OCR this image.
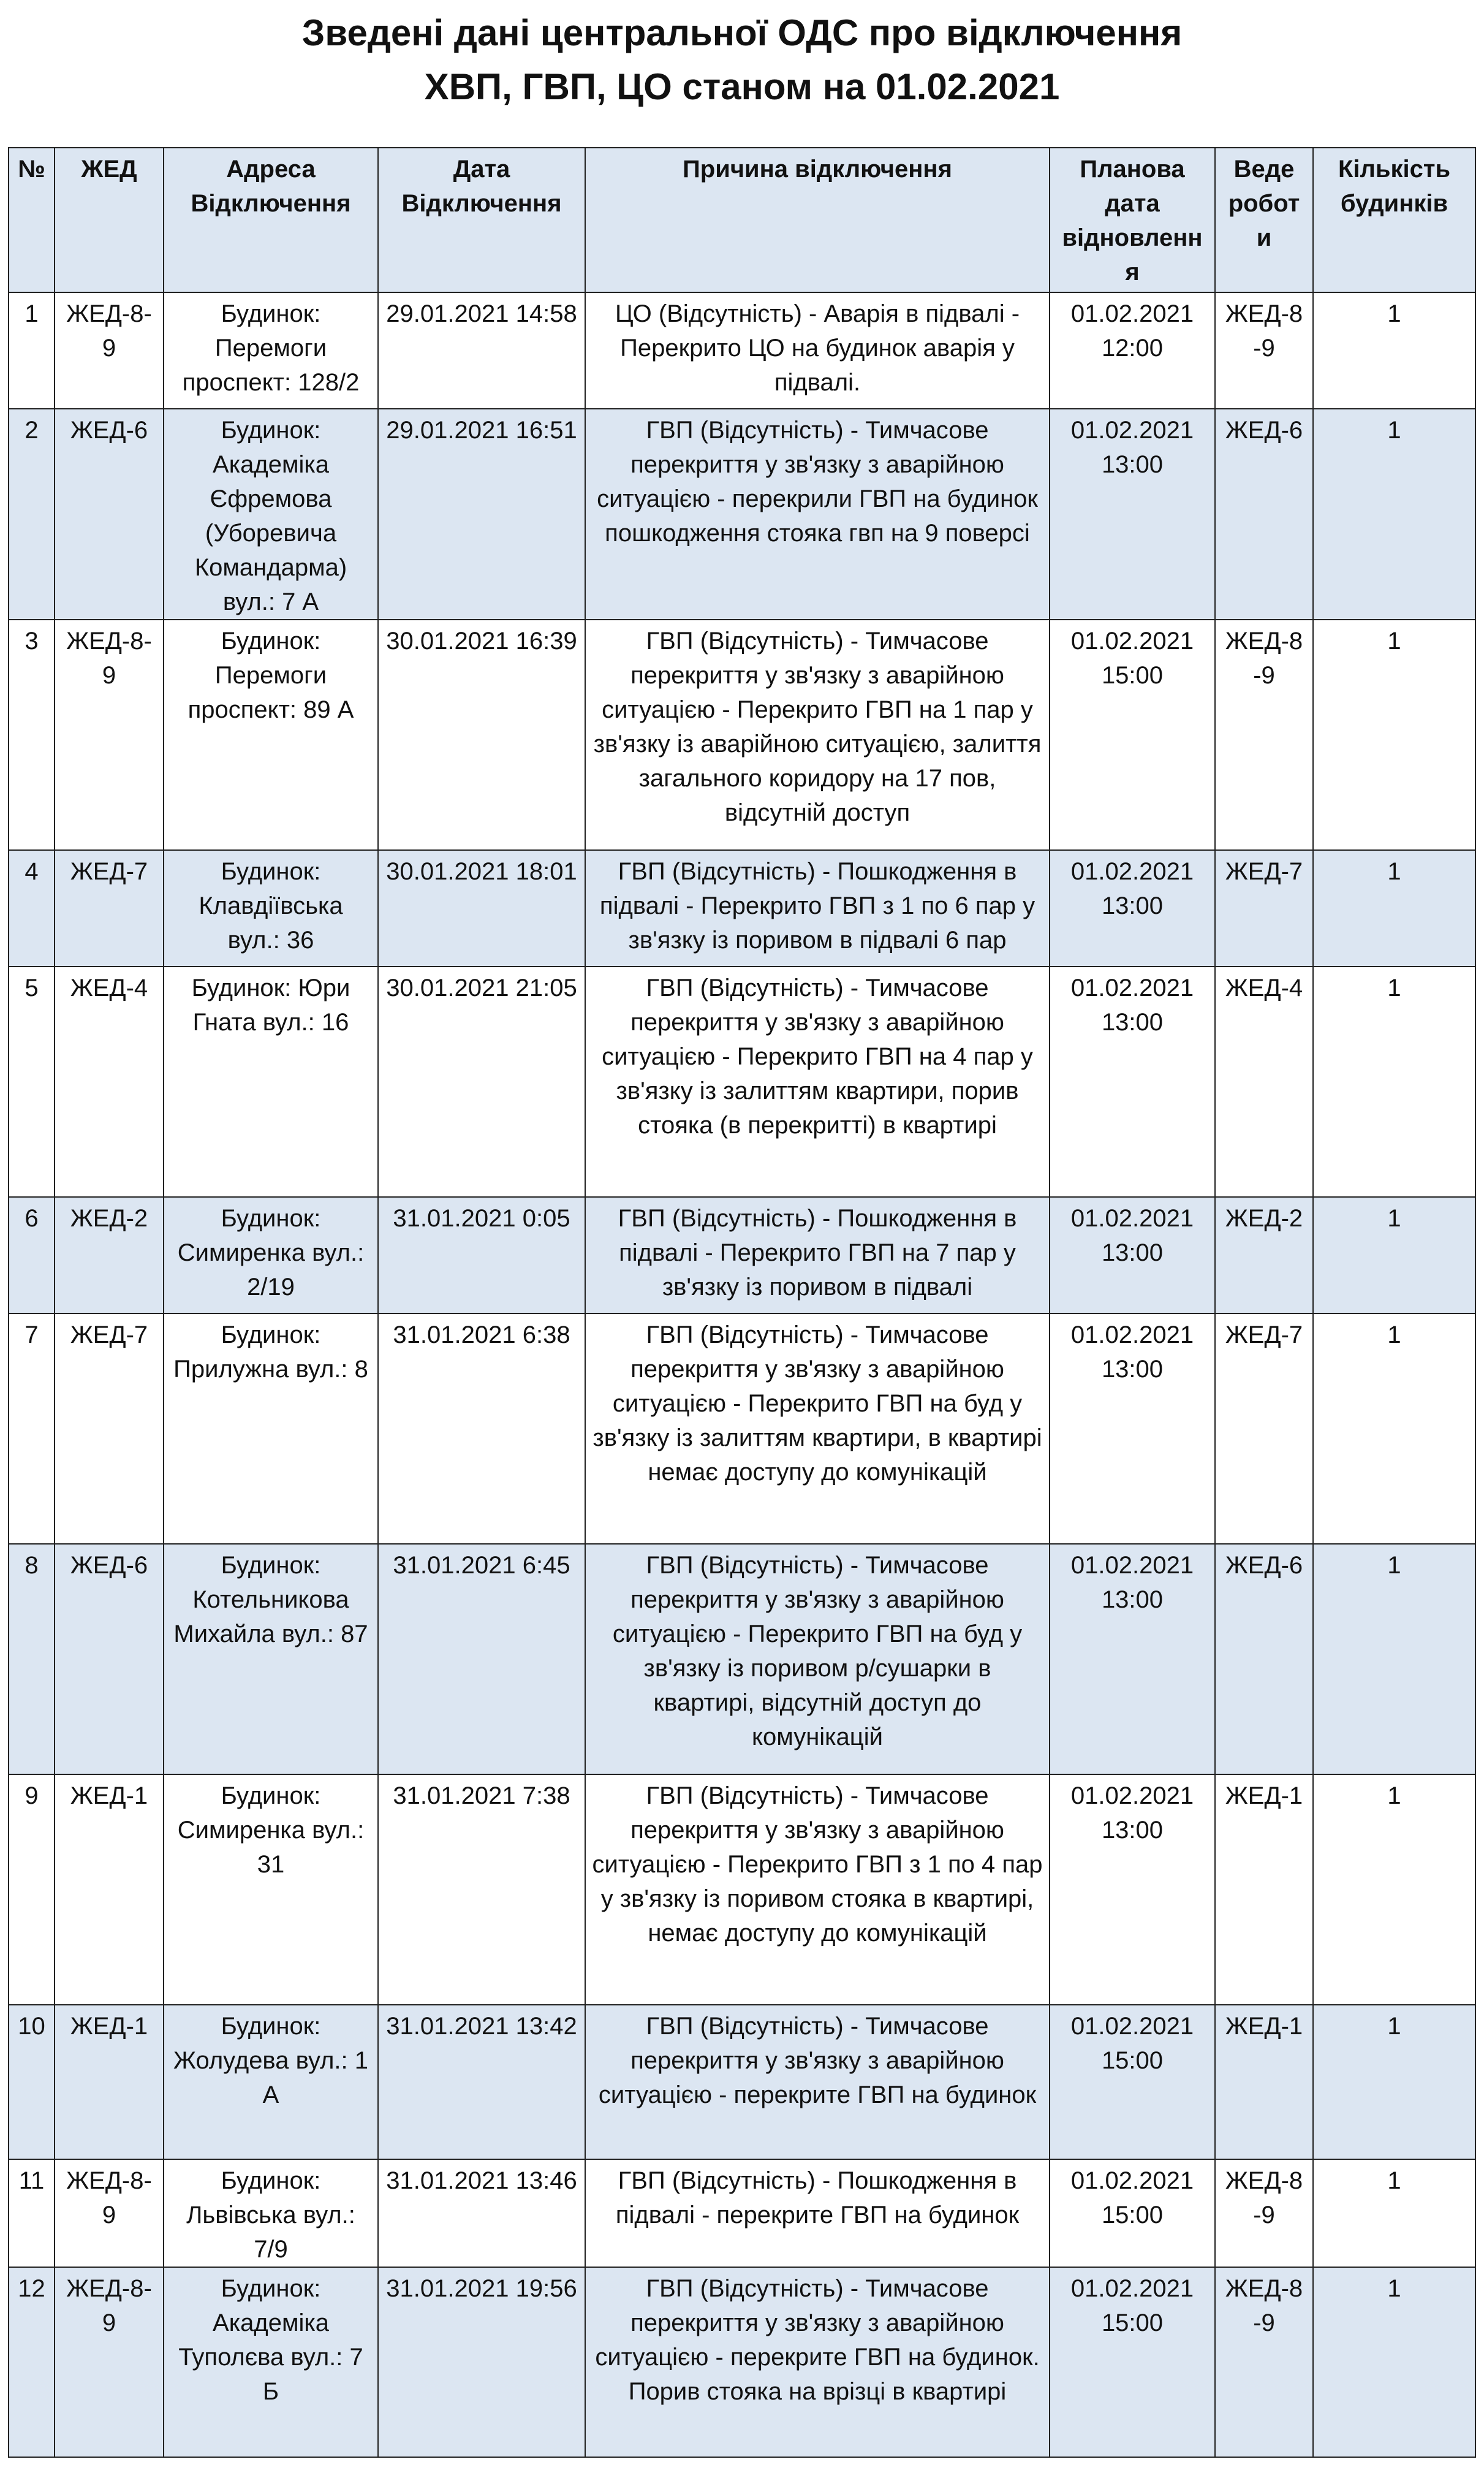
Зведені дані центральної ОДС про відключення
ХВП, ГВП, ЦО станом на 01.02.2021
№	ЖЕД	Адреса Відключення	Дата Відключення	Причина відключення	Планова дата відновлення	Веде роботи	Кількість будинків
1	ЖЕД-8-9	Будинок: Перемоги проспект: 128/2	29.01.2021 14:58	ЦО (Відсутність) - Аварія в підвалі - Перекрито ЦО на будинок аварія у підвалі.	01.02.2021 12:00	ЖЕД-8-9	1
2	ЖЕД-6	Будинок: Академіка Єфремова (Уборевича Командарма) вул.: 7 А	29.01.2021 16:51	ГВП (Відсутність) - Тимчасове перекриття у зв'язку з аварійною ситуацією - перекрили ГВП на будинок пошкодження стояка гвп на 9 поверсі	01.02.2021 13:00	ЖЕД-6	1
3	ЖЕД-8-9	Будинок: Перемоги проспект: 89 А	30.01.2021 16:39	ГВП (Відсутність) - Тимчасове перекриття у зв'язку з аварійною ситуацією - Перекрито ГВП на 1 пар у зв'язку із аварійною ситуацією, залиття загального коридору на 17 пов, відсутній доступ	01.02.2021 15:00	ЖЕД-8-9	1
4	ЖЕД-7	Будинок: Клавдіївська вул.: 36	30.01.2021 18:01	ГВП (Відсутність) - Пошкодження в підвалі - Перекрито ГВП з 1 по 6 пар у зв'язку із поривом в підвалі 6 пар	01.02.2021 13:00	ЖЕД-7	1
5	ЖЕД-4	Будинок: Юри Гната вул.: 16	30.01.2021 21:05	ГВП (Відсутність) - Тимчасове перекриття у зв'язку з аварійною ситуацією - Перекрито ГВП на 4 пар у зв'язку із залиттям квартири, порив стояка (в перекритті) в квартирі	01.02.2021 13:00	ЖЕД-4	1
6	ЖЕД-2	Будинок: Симиренка вул.: 2/19	31.01.2021 0:05	ГВП (Відсутність) - Пошкодження в підвалі - Перекрито ГВП на 7 пар у зв'язку із поривом в підвалі	01.02.2021 13:00	ЖЕД-2	1
7	ЖЕД-7	Будинок: Прилужна вул.: 8	31.01.2021 6:38	ГВП (Відсутність) - Тимчасове перекриття у зв'язку з аварійною ситуацією - Перекрито ГВП на буд у зв'язку із залиттям квартири, в квартирі немає доступу до комунікацій	01.02.2021 13:00	ЖЕД-7	1
8	ЖЕД-6	Будинок: Котельникова Михайла вул.: 87	31.01.2021 6:45	ГВП (Відсутність) - Тимчасове перекриття у зв'язку з аварійною ситуацією - Перекрито ГВП на буд у зв'язку із поривом р/сушарки в квартирі, відсутній доступ до комунікацій	01.02.2021 13:00	ЖЕД-6	1
9	ЖЕД-1	Будинок: Симиренка вул.: 31	31.01.2021 7:38	ГВП (Відсутність) - Тимчасове перекриття у зв'язку з аварійною ситуацією - Перекрито ГВП з 1 по 4 пар у зв'язку із поривом стояка в квартирі, немає доступу до комунікацій	01.02.2021 13:00	ЖЕД-1	1
10	ЖЕД-1	Будинок: Жолудева вул.: 1 А	31.01.2021 13:42	ГВП (Відсутність) - Тимчасове перекриття у зв'язку з аварійною ситуацією - перекрите ГВП на будинок	01.02.2021 15:00	ЖЕД-1	1
11	ЖЕД-8-9	Будинок: Львівська вул.: 7/9	31.01.2021 13:46	ГВП (Відсутність) - Пошкодження в підвалі - перекрите ГВП на будинок	01.02.2021 15:00	ЖЕД-8-9	1
12	ЖЕД-8-9	Будинок: Академіка Туполєва вул.: 7 Б	31.01.2021 19:56	ГВП (Відсутність) - Тимчасове перекриття у зв'язку з аварійною ситуацією - перекрите ГВП на будинок. Порив стояка на врізці в квартирі	01.02.2021 15:00	ЖЕД-8-9	1
